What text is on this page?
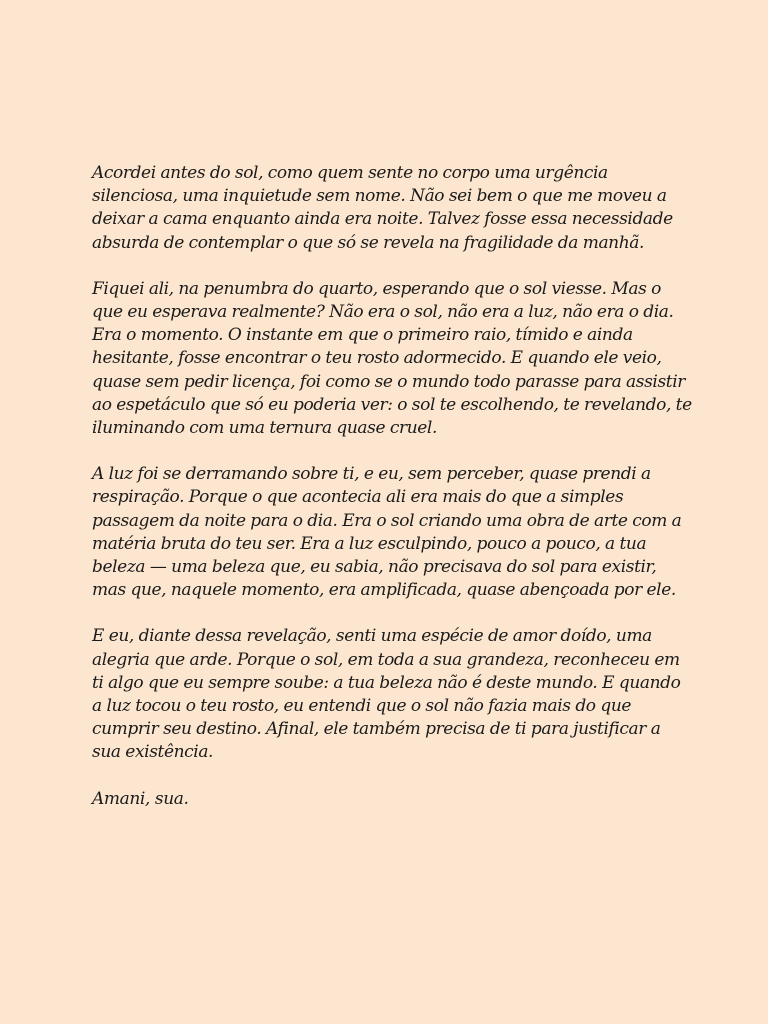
Acordei antes do sol, como quem sente no corpo uma urgência silenciosa, uma inquietude sem nome. Não sei bem o que me moveu a deixar a cama enquanto ainda era noite. Talvez fosse essa necessidade absurda de contemplar o que só se revela na fragilidade da manhã.

Fiquei ali, na penumbra do quarto, esperando que o sol viesse. Mas o que eu esperava realmente? Não era o sol, não era a luz, não era o dia. Era o momento. O instante em que o primeiro raio, tímido e ainda hesitante, fosse encontrar o teu rosto adormecido. E quando ele veio, quase sem pedir licença, foi como se o mundo todo parasse para assistir ao espetáculo que só eu poderia ver: o sol te escolhendo, te revelando, te iluminando com uma ternura quase cruel.

A luz foi se derramando sobre ti, e eu, sem perceber, quase prendi a respiração. Porque o que acontecia ali era mais do que a simples passagem da noite para o dia. Era o sol criando uma obra de arte com a matéria bruta do teu ser. Era a luz esculpindo, pouco a pouco, a tua beleza — uma beleza que, eu sabia, não precisava do sol para existir, mas que, naquele momento, era amplificada, quase abençoada por ele.

E eu, diante dessa revelação, senti uma espécie de amor doído, uma alegria que arde. Porque o sol, em toda a sua grandeza, reconheceu em ti algo que eu sempre soube: a tua beleza não é deste mundo. E quando a luz tocou o teu rosto, eu entendi que o sol não fazia mais do que cumprir seu destino. Afinal, ele também precisa de ti para justificar a sua existência.

Amani, sua.
